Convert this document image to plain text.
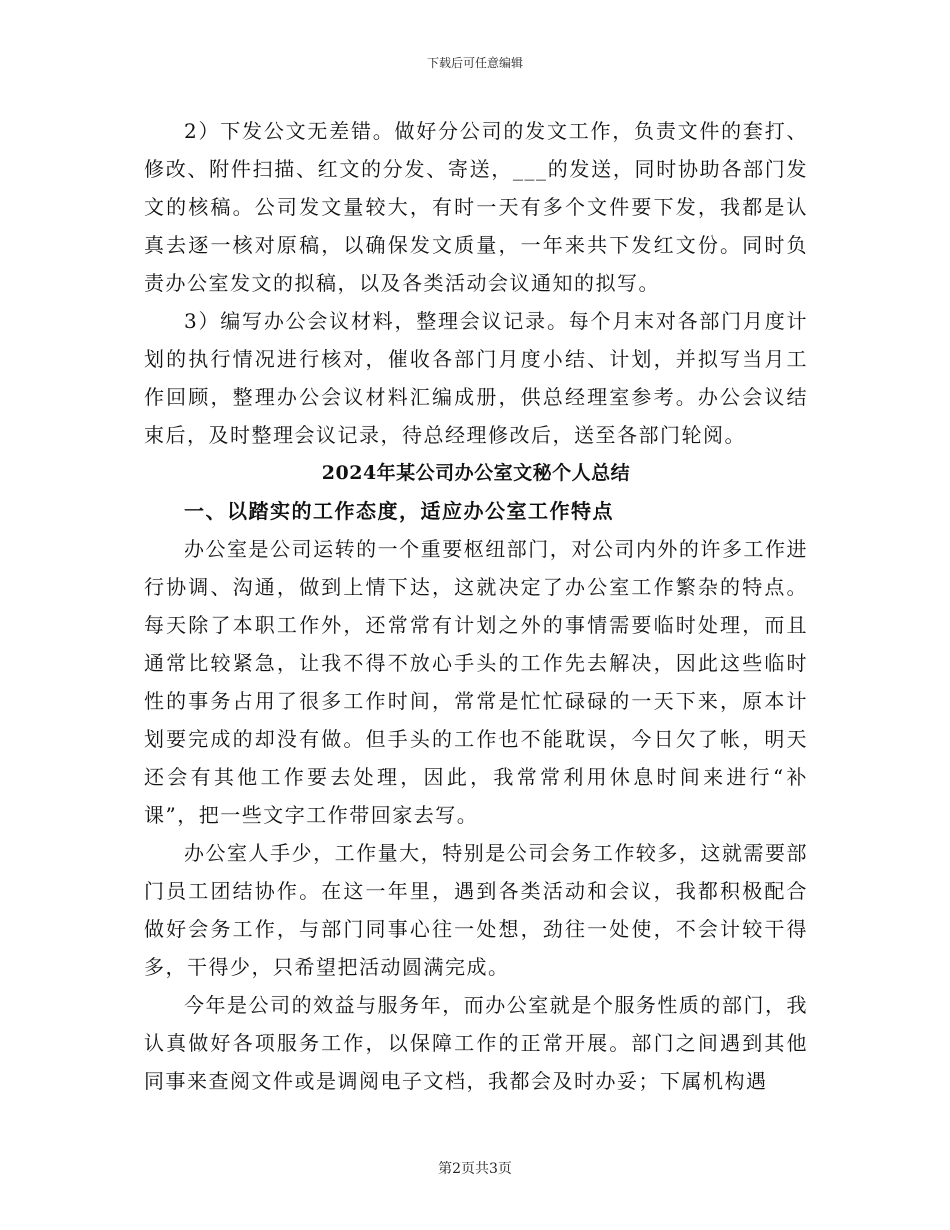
下载后可任意编辑

2）下发公文无差错。做好分公司的发文工作，负责文件的套打、修改、附件扫描、红文的分发、寄送，___的发送，同时协助各部门发文的核稿。公司发文量较大，有时一天有多个文件要下发，我都是认真去逐一核对原稿，以确保发文质量，一年来共下发红文份。同时负责办公室发文的拟稿，以及各类活动会议通知的拟写。

3）编写办公会议材料，整理会议记录。每个月末对各部门月度计划的执行情况进行核对，催收各部门月度小结、计划，并拟写当月工作回顾，整理办公会议材料汇编成册，供总经理室参考。办公会议结束后，及时整理会议记录，待总经理修改后，送至各部门轮阅。

2024年某公司办公室文秘个人总结

一、以踏实的工作态度，适应办公室工作特点

办公室是公司运转的一个重要枢纽部门，对公司内外的许多工作进行协调、沟通，做到上情下达，这就决定了办公室工作繁杂的特点。每天除了本职工作外，还常常有计划之外的事情需要临时处理，而且通常比较紧急，让我不得不放心手头的工作先去解决，因此这些临时性的事务占用了很多工作时间，常常是忙忙碌碌的一天下来，原本计划要完成的却没有做。但手头的工作也不能耽误，今日欠了帐，明天还会有其他工作要去处理，因此，我常常利用休息时间来进行“补课”，把一些文字工作带回家去写。

办公室人手少，工作量大，特别是公司会务工作较多，这就需要部门员工团结协作。在这一年里，遇到各类活动和会议，我都积极配合做好会务工作，与部门同事心往一处想，劲往一处使，不会计较干得多，干得少，只希望把活动圆满完成。

今年是公司的效益与服务年，而办公室就是个服务性质的部门，我认真做好各项服务工作，以保障工作的正常开展。部门之间遇到其他同事来查阅文件或是调阅电子文档，我都会及时办妥；下属机构遇

第2页共3页
